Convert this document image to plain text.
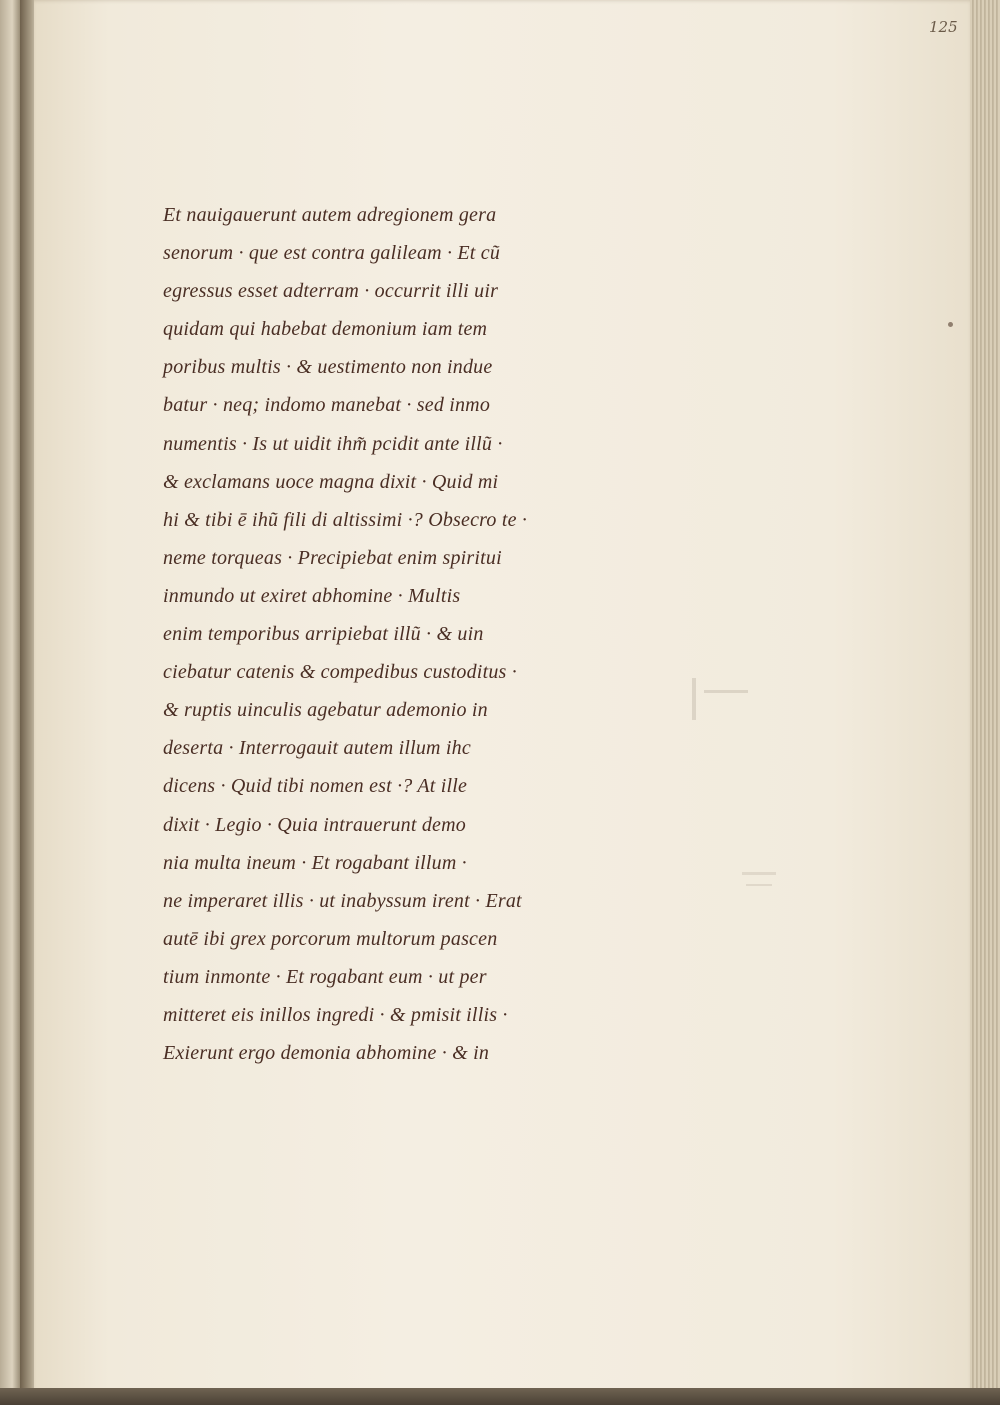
125

Et nauigauerunt autem adregionem gera

senorum · que est contra galileam · Et cũ

egressus esset adterram · occurrit illi uir

quidam qui habebat demonium iam tem

poribus multis · & uestimento non indue

batur · neq; indomo manebat · sed inmo

numentis · Is ut uidit ihm̃ pcidit ante illũ ·

& exclamans uoce magna dixit · Quid mi

hi & tibi ē ihũ fili di altissimi ·? Obsecro te ·

neme torqueas · Precipiebat enim spiritui

inmundo ut exiret abhomine · Multis

enim temporibus arripiebat illũ · & uin

ciebatur catenis & compedibus custoditus ·

& ruptis uinculis agebatur ademonio in

deserta · Interrogauit autem illum ihc

dicens · Quid tibi nomen est ·? At ille

dixit · Legio · Quia intrauerunt demo

nia multa ineum · Et rogabant illum ·

ne imperaret illis · ut inabyssum irent · Erat

autē ibi grex porcorum multorum pascen

tium inmonte · Et rogabant eum · ut per

mitteret eis inillos ingredi · & pmisit illis ·

Exierunt ergo demonia abhomine · & in
